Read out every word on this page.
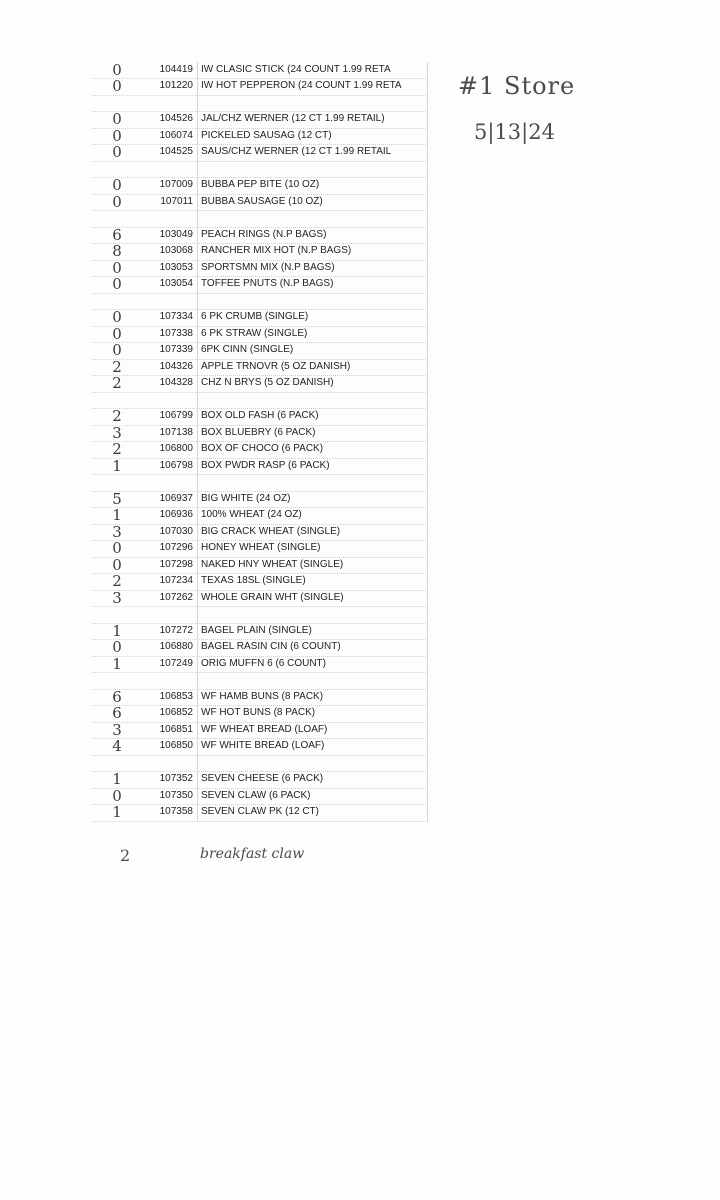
0	104419 IW CLASIC STICK (24 COUNT 1.99 RETA
0	101220 IW HOT PEPPERON (24 COUNT 1.99 RETA
0	104526 JAL/CHZ WERNER (12 CT 1.99 RETAIL)
0	106074 PICKELED SAUSAG (12 CT)
0	104525 SAUS/CHZ WERNER (12 CT 1.99 RETAIL
0	107009 BUBBA PEP BITE (10 OZ)
0	107011 BUBBA SAUSAGE (10 OZ)
6	103049 PEACH RINGS (N.P BAGS)
8	103068 RANCHER MIX HOT (N.P BAGS)
0	103053 SPORTSMN MIX (N.P BAGS)
0	103054 TOFFEE PNUTS (N.P BAGS)
0	107334 6 PK CRUMB (SINGLE)
0	107338 6 PK STRAW (SINGLE)
0	107339 6PK CINN (SINGLE)
2	104326 APPLE TRNOVR (5 OZ DANISH)
2	104328 CHZ N BRYS (5 OZ DANISH)
2	106799 BOX OLD FASH (6 PACK)
3	107138 BOX BLUEBRY (6 PACK)
2	106800 BOX OF CHOCO (6 PACK)
1	106798 BOX PWDR RASP (6 PACK)
5	106937 BIG WHITE (24 OZ)
1	106936 100% WHEAT (24 OZ)
3	107030 BIG CRACK WHEAT (SINGLE)
0	107296 HONEY WHEAT (SINGLE)
0	107298 NAKED HNY WHEAT (SINGLE)
2	107234 TEXAS 18SL (SINGLE)
3	107262 WHOLE GRAIN WHT (SINGLE)
1	107272 BAGEL PLAIN (SINGLE)
0	106880 BAGEL RASIN CIN (6 COUNT)
1	107249 ORIG MUFFN 6 (6 COUNT)
6	106853 WF HAMB BUNS (8 PACK)
6	106852 WF HOT BUNS (8 PACK)
3	106851 WF WHEAT BREAD (LOAF)
4	106850 WF WHITE BREAD (LOAF)
1	107352 SEVEN CHEESE (6 PACK)
0	107350 SEVEN CLAW (6 PACK)
1	107358 SEVEN CLAW PK (12 CT)
#1 Store
5|13|24
2	breakfast claw
